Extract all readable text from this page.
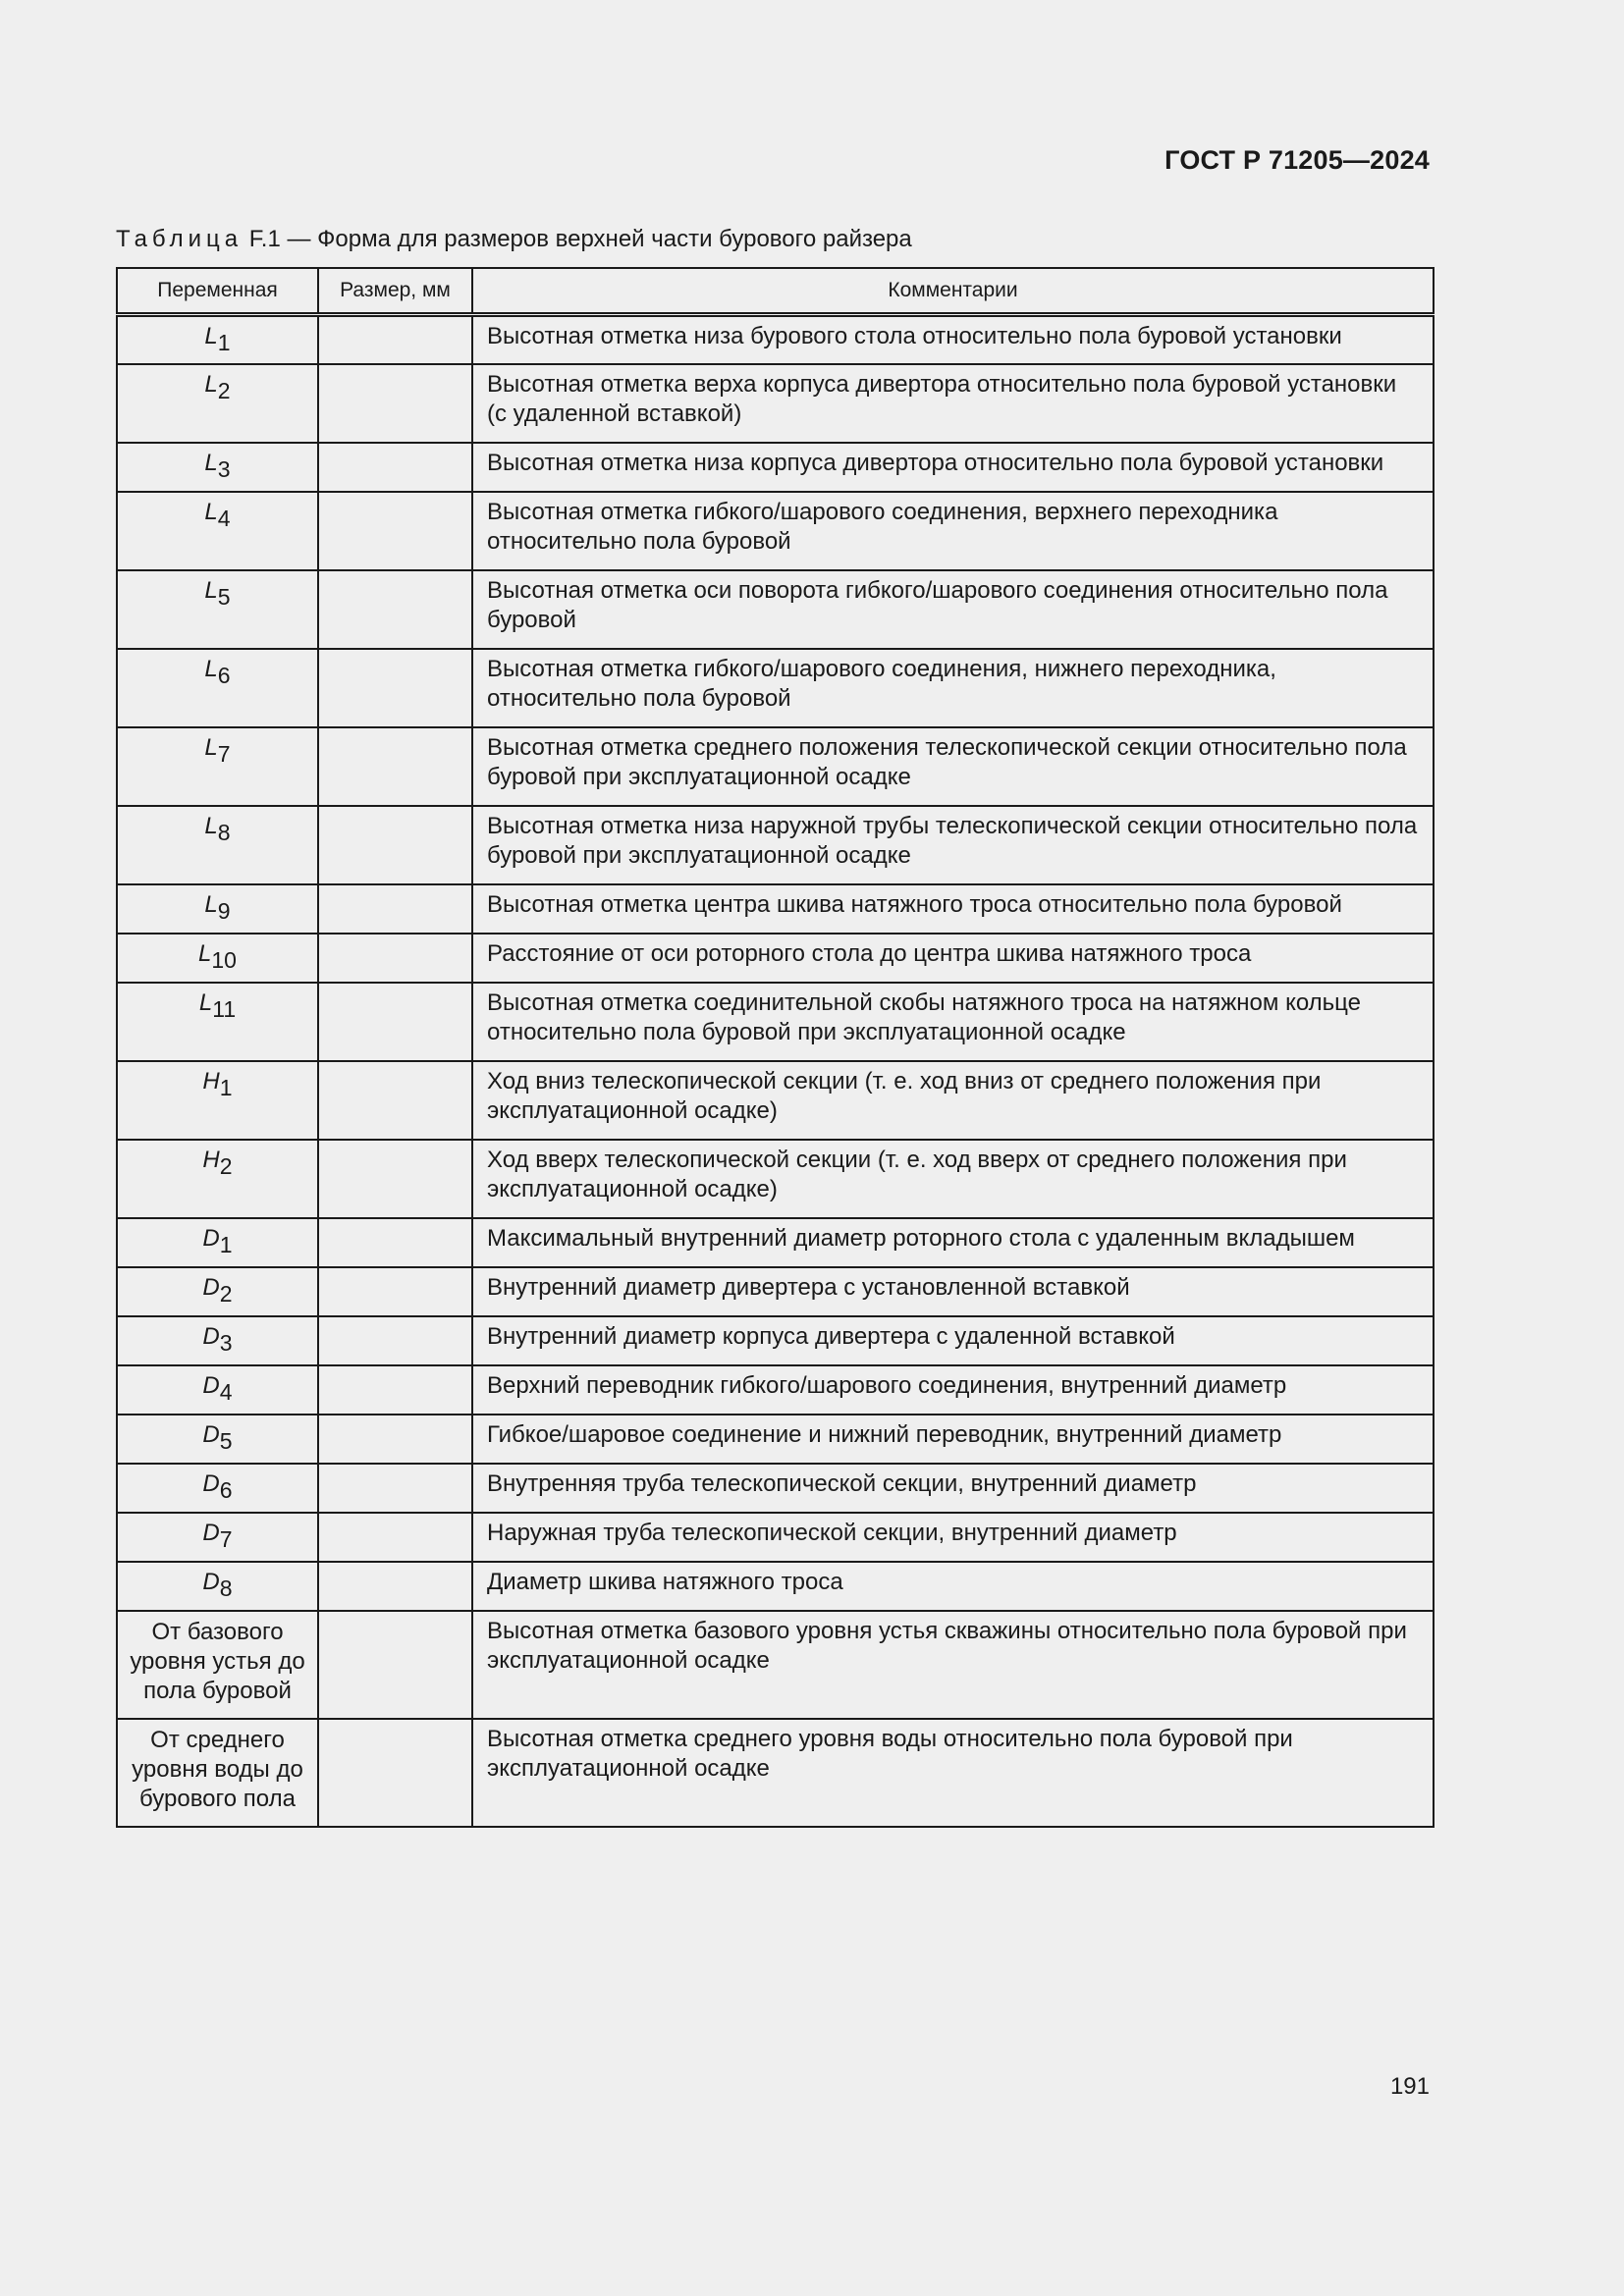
ГОСТ Р 71205—2024
Таблица F.1 — Форма для размеров верхней части бурового райзера
Переменная	Размер, мм	Комментарии
L1		Высотная отметка низа бурового стола относительно пола буровой установки
L2		Высотная отметка верха корпуса дивертора относительно пола буровой установки (с удаленной вставкой)
L3		Высотная отметка низа корпуса дивертора относительно пола буровой установки
L4		Высотная отметка гибкого/шарового соединения, верхнего переходника относительно пола буровой
L5		Высотная отметка оси поворота гибкого/шарового соединения относительно пола буровой
L6		Высотная отметка гибкого/шарового соединения, нижнего переходника, относительно пола буровой
L7		Высотная отметка среднего положения телескопической секции относительно пола буровой при эксплуатационной осадке
L8		Высотная отметка низа наружной трубы телескопической секции относительно пола буровой при эксплуатационной осадке
L9		Высотная отметка центра шкива натяжного троса относительно пола буровой
L10		Расстояние от оси роторного стола до центра шкива натяжного троса
L11		Высотная отметка соединительной скобы натяжного троса на натяжном кольце относительно пола буровой при эксплуатационной осадке
H1		Ход вниз телескопической секции (т. е. ход вниз от среднего положения при эксплуатационной осадке)
H2		Ход вверх телескопической секции (т. е. ход вверх от среднего положения при эксплуатационной осадке)
D1		Максимальный внутренний диаметр роторного стола с удаленным вкладышем
D2		Внутренний диаметр дивертера с установленной вставкой
D3		Внутренний диаметр корпуса дивертера с удаленной вставкой
D4		Верхний переводник гибкого/шарового соединения, внутренний диаметр
D5		Гибкое/шаровое соединение и нижний переводник, внутренний диаметр
D6		Внутренняя труба телескопической секции, внутренний диаметр
D7		Наружная труба телескопической секции, внутренний диаметр
D8		Диаметр шкива натяжного троса
От базового уровня устья до пола буровой		Высотная отметка базового уровня устья скважины относительно пола буровой при эксплуатационной осадке
От среднего уровня воды до бурового пола		Высотная отметка среднего уровня воды относительно пола буровой при эксплуатационной осадке
191
